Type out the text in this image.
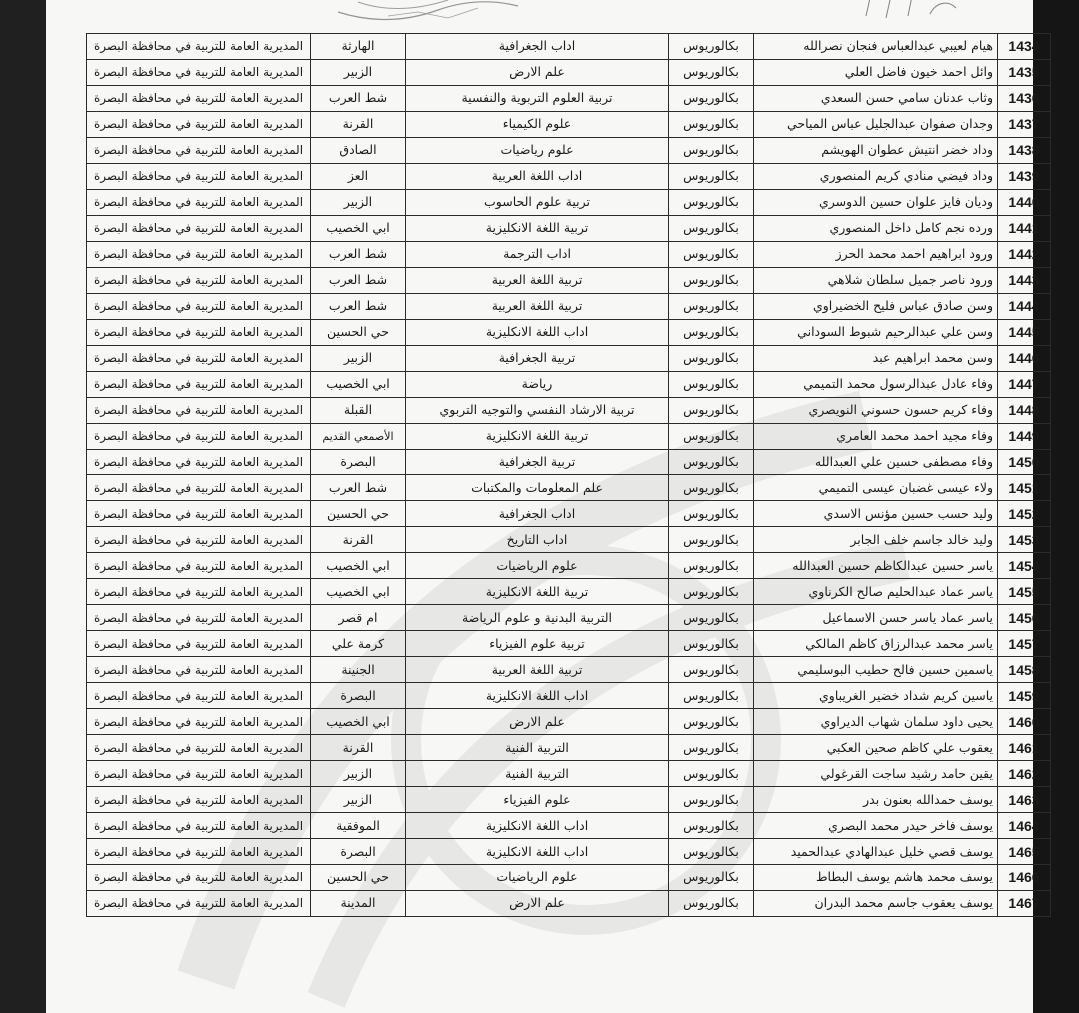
1434	هيام لعيبي عبدالعباس فنجان نصرالله	بكالوريوس	اداب الجغرافية	الهارثة	المديرية العامة للتربية في محافظة البصرة
1435	وائل احمد خيون فاضل العلي	بكالوريوس	علم الارض	الزبير	المديرية العامة للتربية في محافظة البصرة
1436	وثاب عدنان سامي حسن السعدي	بكالوريوس	تربية العلوم التربوية والنفسية	شط العرب	المديرية العامة للتربية في محافظة البصرة
1437	وجدان صفوان عبدالجليل عباس المياحي	بكالوريوس	علوم الكيمياء	القرنة	المديرية العامة للتربية في محافظة البصرة
1438	وداد خضر انتيش عطوان الهويشم	بكالوريوس	علوم رياضيات	الصادق	المديرية العامة للتربية في محافظة البصرة
1439	وداد فيضي منادي كريم المنصوري	بكالوريوس	اداب اللغة العربية	العز	المديرية العامة للتربية في محافظة البصرة
1440	وديان فايز علوان حسين الدوسري	بكالوريوس	تربية علوم الحاسوب	الزبير	المديرية العامة للتربية في محافظة البصرة
1441	ورده نجم كامل داخل المنصوري	بكالوريوس	تربية اللغة الانكليزية	ابي الخصيب	المديرية العامة للتربية في محافظة البصرة
1442	ورود ابراهيم احمد محمد الحرز	بكالوريوس	اداب الترجمة	شط العرب	المديرية العامة للتربية في محافظة البصرة
1443	ورود ناصر جميل سلطان شلاهي	بكالوريوس	تربية اللغة العربية	شط العرب	المديرية العامة للتربية في محافظة البصرة
1444	وسن صادق عباس فليح الخضيراوي	بكالوريوس	تربية اللغة العربية	شط العرب	المديرية العامة للتربية في محافظة البصرة
1445	وسن علي عبدالرحيم شبوط السوداني	بكالوريوس	اداب اللغة الانكليزية	حي الحسين	المديرية العامة للتربية في محافظة البصرة
1446	وسن محمد ابراهيم عبد	بكالوريوس	تربية الجغرافية	الزبير	المديرية العامة للتربية في محافظة البصرة
1447	وفاء عادل عبدالرسول محمد التميمي	بكالوريوس	رياضة	ابي الخصيب	المديرية العامة للتربية في محافظة البصرة
1448	وفاء كريم حسون حسوني النويصري	بكالوريوس	تربية الارشاد النفسي والتوجيه التربوي	القبلة	المديرية العامة للتربية في محافظة البصرة
1449	وفاء مجيد احمد محمد العامري	بكالوريوس	تربية اللغة الانكليزية	الأصمعي القديم	المديرية العامة للتربية في محافظة البصرة
1450	وفاء مصطفى حسين علي العبدالله	بكالوريوس	تربية الجغرافية	البصرة	المديرية العامة للتربية في محافظة البصرة
1451	ولاء عيسى غضبان عيسى التميمي	بكالوريوس	علم المعلومات والمكتبات	شط العرب	المديرية العامة للتربية في محافظة البصرة
1452	وليد حسب حسين مؤنس الاسدي	بكالوريوس	اداب الجغرافية	حي الحسين	المديرية العامة للتربية في محافظة البصرة
1453	وليد خالد جاسم خلف الجابر	بكالوريوس	اداب التاريخ	القرنة	المديرية العامة للتربية في محافظة البصرة
1454	ياسر حسين عبدالكاظم حسين العبدالله	بكالوريوس	علوم الرياضيات	ابي الخصيب	المديرية العامة للتربية في محافظة البصرة
1455	ياسر عماد عبدالحليم صالح الكرناوي	بكالوريوس	تربية اللغة الانكليزية	ابي الخصيب	المديرية العامة للتربية في محافظة البصرة
1456	ياسر عماد ياسر حسن الاسماعيل	بكالوريوس	التربية البدنية و علوم الرياضة	ام قصر	المديرية العامة للتربية في محافظة البصرة
1457	ياسر محمد عبدالرزاق كاظم المالكي	بكالوريوس	تربية علوم الفيزياء	كرمة علي	المديرية العامة للتربية في محافظة البصرة
1458	ياسمين حسين فالح حطيب البوسليمي	بكالوريوس	تربية اللغة العربية	الجنينة	المديرية العامة للتربية في محافظة البصرة
1459	ياسين كريم شداد خضير الغريباوي	بكالوريوس	اداب اللغة الانكليزية	البصرة	المديرية العامة للتربية في محافظة البصرة
1460	يحيى داود سلمان شهاب الديراوي	بكالوريوس	علم الارض	ابي الخصيب	المديرية العامة للتربية في محافظة البصرة
1461	يعقوب علي كاظم صحين العكبي	بكالوريوس	التربية الفنية	القرنة	المديرية العامة للتربية في محافظة البصرة
1462	يقين حامد رشيد ساجت القرغولي	بكالوريوس	التربية الفنية	الزبير	المديرية العامة للتربية في محافظة البصرة
1463	يوسف حمدالله بعنون بدر	بكالوريوس	علوم الفيزياء	الزبير	المديرية العامة للتربية في محافظة البصرة
1464	يوسف فاخر حيدر محمد البصري	بكالوريوس	اداب اللغة الانكليزية	الموفقية	المديرية العامة للتربية في محافظة البصرة
1465	يوسف قصي خليل عبدالهادي عبدالحميد	بكالوريوس	اداب اللغة الانكليزية	البصرة	المديرية العامة للتربية في محافظة البصرة
1466	يوسف محمد هاشم يوسف البطاط	بكالوريوس	علوم الرياضيات	حي الحسين	المديرية العامة للتربية في محافظة البصرة
1467	يوسف يعقوب جاسم محمد البدران	بكالوريوس	علم الارض	المدينة	المديرية العامة للتربية في محافظة البصرة
